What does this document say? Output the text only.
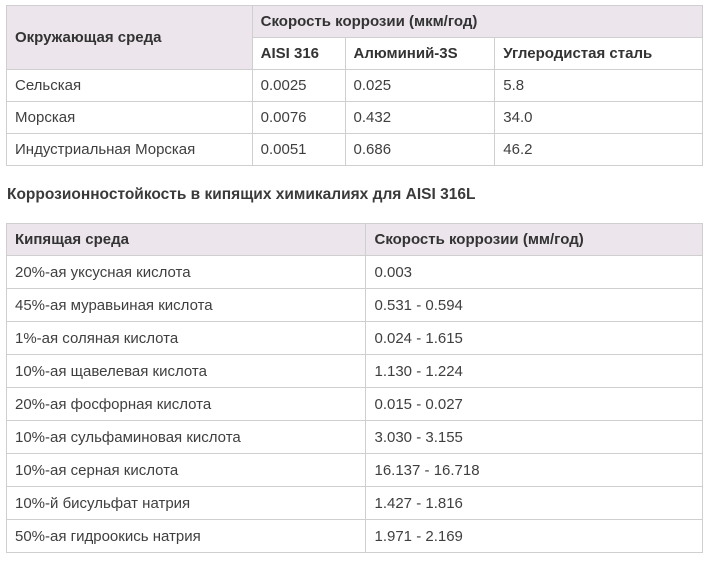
Окружающая среда	Скорость коррозии (мкм/год)		
	AISI 316	Алюминий-3S	Углеродистая сталь
Сельская	0.0025	0.025	5.8
Морская	0.0076	0.432	34.0
Индустриальная Морская	0.0051	0.686	46.2
Коррозионностойкость в кипящих химикалиях для AISI 316L
Кипящая среда	Скорость коррозии (мм/год)
20%-ая уксусная кислота	0.003
45%-ая муравьиная кислота	0.531 - 0.594
1%-ая соляная кислота	0.024 - 1.615
10%-ая щавелевая кислота	1.130 - 1.224
20%-ая фосфорная кислота	0.015 - 0.027
10%-ая сульфаминовая кислота	3.030 - 3.155
10%-ая серная кислота	16.137 - 16.718
10%-й бисульфат натрия	1.427 - 1.816
50%-ая гидроокись натрия	1.971 - 2.169
